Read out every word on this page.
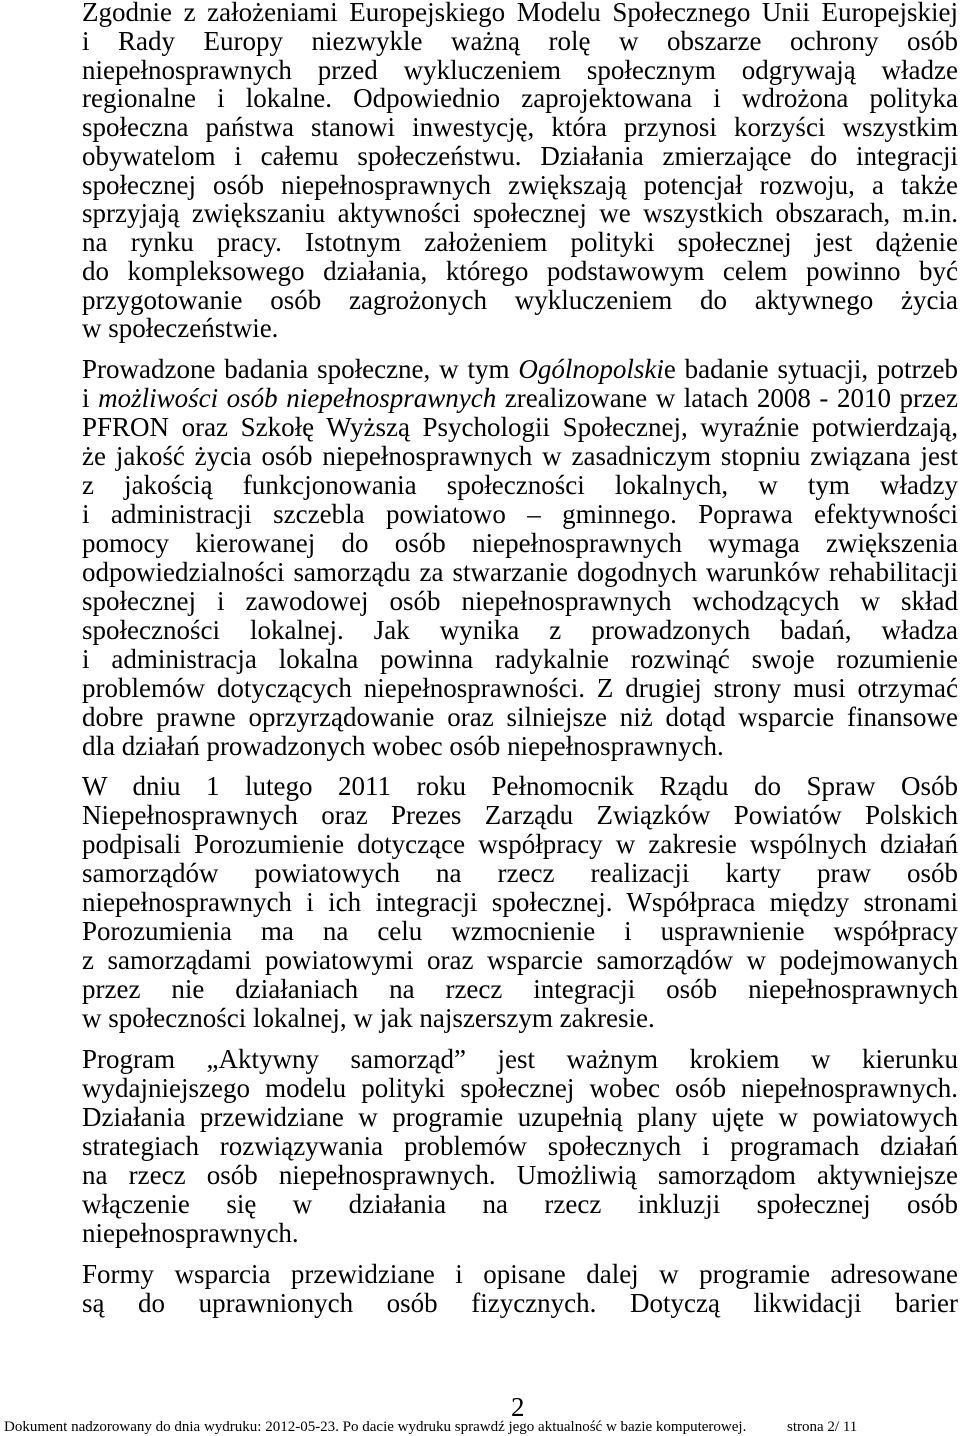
Zgodnie z założeniami Europejskiego Modelu Społecznego Unii Europejskiej
i Rady Europy niezwykle ważną rolę w obszarze ochrony osób
niepełnosprawnych przed wykluczeniem społecznym odgrywają władze
regionalne i lokalne. Odpowiednio zaprojektowana i wdrożona polityka
społeczna państwa stanowi inwestycję, która przynosi korzyści wszystkim
obywatelom i całemu społeczeństwu. Działania zmierzające do integracji
społecznej osób niepełnosprawnych zwiększają potencjał rozwoju, a także
sprzyjają zwiększaniu aktywności społecznej we wszystkich obszarach, m.in.
na rynku pracy. Istotnym założeniem polityki społecznej jest dążenie
do kompleksowego działania, którego podstawowym celem powinno być
przygotowanie osób zagrożonych wykluczeniem do aktywnego życia
w społeczeństwie.
Prowadzone badania społeczne, w tym Ogólnopolskie badanie sytuacji, potrzeb
i możliwości osób niepełnosprawnych zrealizowane w latach 2008 - 2010 przez
PFRON oraz Szkołę Wyższą Psychologii Społecznej, wyraźnie potwierdzają,
że jakość życia osób niepełnosprawnych w zasadniczym stopniu związana jest
z jakością funkcjonowania społeczności lokalnych, w tym władzy
i administracji szczebla powiatowo – gminnego. Poprawa efektywności
pomocy kierowanej do osób niepełnosprawnych wymaga zwiększenia
odpowiedzialności samorządu za stwarzanie dogodnych warunków rehabilitacji
społecznej i zawodowej osób niepełnosprawnych wchodzących w skład
społeczności lokalnej. Jak wynika z prowadzonych badań, władza
i administracja lokalna powinna radykalnie rozwinąć swoje rozumienie
problemów dotyczących niepełnosprawności. Z drugiej strony musi otrzymać
dobre prawne oprzyrządowanie oraz silniejsze niż dotąd wsparcie finansowe
dla działań prowadzonych wobec osób niepełnosprawnych.
W dniu 1 lutego 2011 roku Pełnomocnik Rządu do Spraw Osób
Niepełnosprawnych oraz Prezes Zarządu Związków Powiatów Polskich
podpisali Porozumienie dotyczące współpracy w zakresie wspólnych działań
samorządów powiatowych na rzecz realizacji karty praw osób
niepełnosprawnych i ich integracji społecznej. Współpraca między stronami
Porozumienia ma na celu wzmocnienie i usprawnienie współpracy
z samorządami powiatowymi oraz wsparcie samorządów w podejmowanych
przez nie działaniach na rzecz integracji osób niepełnosprawnych
w społeczności lokalnej, w jak najszerszym zakresie.
Program „Aktywny samorząd” jest ważnym krokiem w kierunku
wydajniejszego modelu polityki społecznej wobec osób niepełnosprawnych.
Działania przewidziane w programie uzupełnią plany ujęte w powiatowych
strategiach rozwiązywania problemów społecznych i programach działań
na rzecz osób niepełnosprawnych. Umożliwią samorządom aktywniejsze
włączenie się w działania na rzecz inkluzji społecznej osób
niepełnosprawnych.
Formy wsparcia przewidziane i opisane dalej w programie adresowane
są do uprawnionych osób fizycznych. Dotyczą likwidacji barier
2
Dokument nadzorowany do dnia wydruku: 2012-05-23. Po dacie wydruku sprawdź jego aktualność w bazie komputerowej.	strona 2/ 11
